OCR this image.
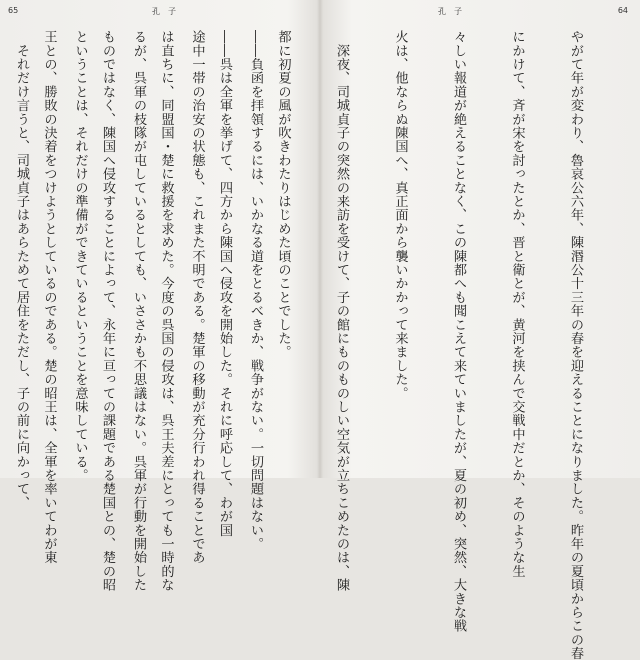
65	孔　子

――負函を拝領するには、いかなる道をとるべきか、戦争がない。一切問題はない。

途中一帯の治安の状態も、これまた不明である。楚軍の移動が充分行われ得ることであ

るが、呉軍の枝隊が屯しているとしても、いささかも不思議はない。呉軍が行動を開始した

ということは、それだけの準備ができているということを意味している。

　それだけ言うと、司城貞子はあらためて居住をただし、子の前に向かって、

孔　子	64

やがて年が変わり、魯哀公六年、陳湣公十三年の春を迎えることになりました。昨年の夏頃からこの春

にかけて、斉が宋を討ったとか、晋と衛とが、黄河を挟んで交戦中だとか、そのような生

々しい報道が絶えることなく、この陳都へも聞こえて来ていましたが、夏の初め、突然、大きな戦

火は、他ならぬ陳国へ、真正面から襲いかかって来ました。

　深夜、司城貞子の突然の来訪を受けて、子の館にものものしい空気が立ちこめたのは、陳

都に初夏の風が吹きわたりはじめた頃のことでした。

――呉は全軍を挙げて、四方から陳国へ侵攻を開始した。それに呼応して、わが国

は直ちに、同盟国・楚に救援を求めた。今度の呉国の侵攻は、呉王夫差にとっても一時的な

ものではなく、陳国へ侵攻することによって、永年に亘っての課題である楚国との、楚の昭

王との、勝敗の決着をつけようとしているのである。楚の昭王は、全軍を率いてわが東
